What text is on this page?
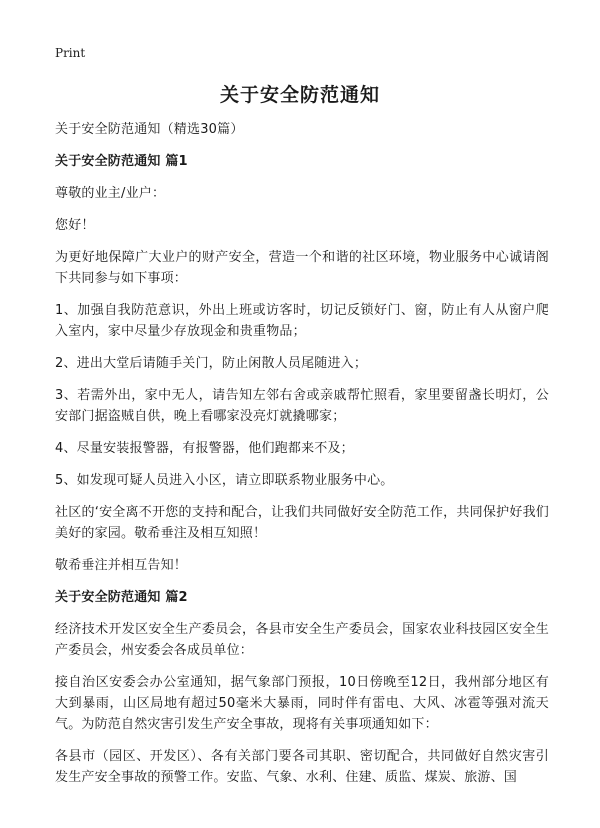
Print
关于安全防范通知
关于安全防范通知（精选30篇）
关于安全防范通知 篇1

尊敬的业主/业户：

您好！

为更好地保障广大业户的财产安全，营造一个和谐的社区环境，物业服务中心诚请阁下共同参与如下事项：

1、加强自我防范意识，外出上班或访客时，切记反锁好门、窗，防止有人从窗户爬入室内，家中尽量少存放现金和贵重物品；

2、进出大堂后请随手关门，防止闲散人员尾随进入；

3、若需外出，家中无人，请告知左邻右舍或亲戚帮忙照看，家里要留盏长明灯，公安部门据盗贼自供，晚上看哪家没亮灯就撬哪家；

4、尽量安装报警器，有报警器，他们跑都来不及；

5、如发现可疑人员进入小区，请立即联系物业服务中心。

社区的‘安全离不开您的支持和配合，让我们共同做好安全防范工作，共同保护好我们美好的家园。敬希垂注及相互知照！

敬希垂注并相互告知！

关于安全防范通知 篇2

经济技术开发区安全生产委员会，各县市安全生产委员会，国家农业科技园区安全生产委员会，州安委会各成员单位：

接自治区安委会办公室通知，据气象部门预报，10日傍晚至12日，我州部分地区有大到暴雨，山区局地有超过50毫米大暴雨，同时伴有雷电、大风、冰雹等强对流天气。为防范自然灾害引发生产安全事故，现将有关事项通知如下：

各县市（园区、开发区）、各有关部门要各司其职、密切配合，共同做好自然灾害引发生产安全事故的预警工作。安监、气象、水利、住建、质监、煤炭、旅游、国
